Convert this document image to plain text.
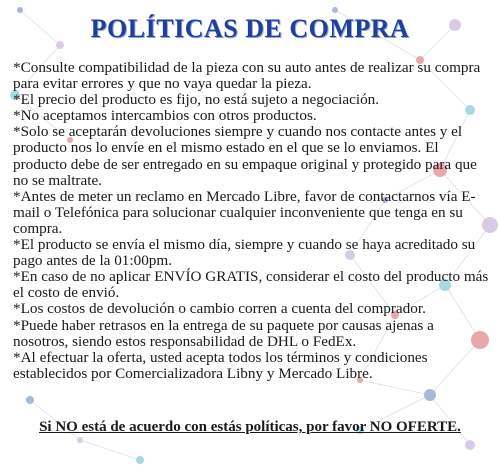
POLÍTICAS DE COMPRA

*Consulte compatibilidad de la pieza con su auto antes de realizar su compra para evitar errores y que no vaya quedar la pieza.

*El precio del producto es fijo, no está sujeto a negociación.

*No aceptamos intercambios con otros productos.

*Solo se aceptarán devoluciones siempre y cuando nos contacte antes y el producto nos lo envíe en el mismo estado en el que se lo enviamos. El producto debe de ser entregado en su empaque original y protegido para que no se maltrate.

*Antes de meter un reclamo en Mercado Libre, favor de contactarnos vía E-mail o Telefónica para solucionar cualquier inconveniente que tenga en su compra.

*El producto se envía el mismo día, siempre y cuando se haya acreditado su pago antes de la 01:00pm.

*En caso de no aplicar ENVÍO GRATIS, considerar el costo del producto más el costo de envió.

*Los costos de devolución o cambio corren a cuenta del comprador.

*Puede haber retrasos en la entrega de su paquete por causas ajenas a nosotros, siendo estos responsabilidad de DHL o FedEx.

*Al efectuar la oferta, usted acepta todos los términos y condiciones establecidos por Comercializadora Libny y Mercado Libre.

Si NO está de acuerdo con estás políticas, por favor NO OFERTE.
